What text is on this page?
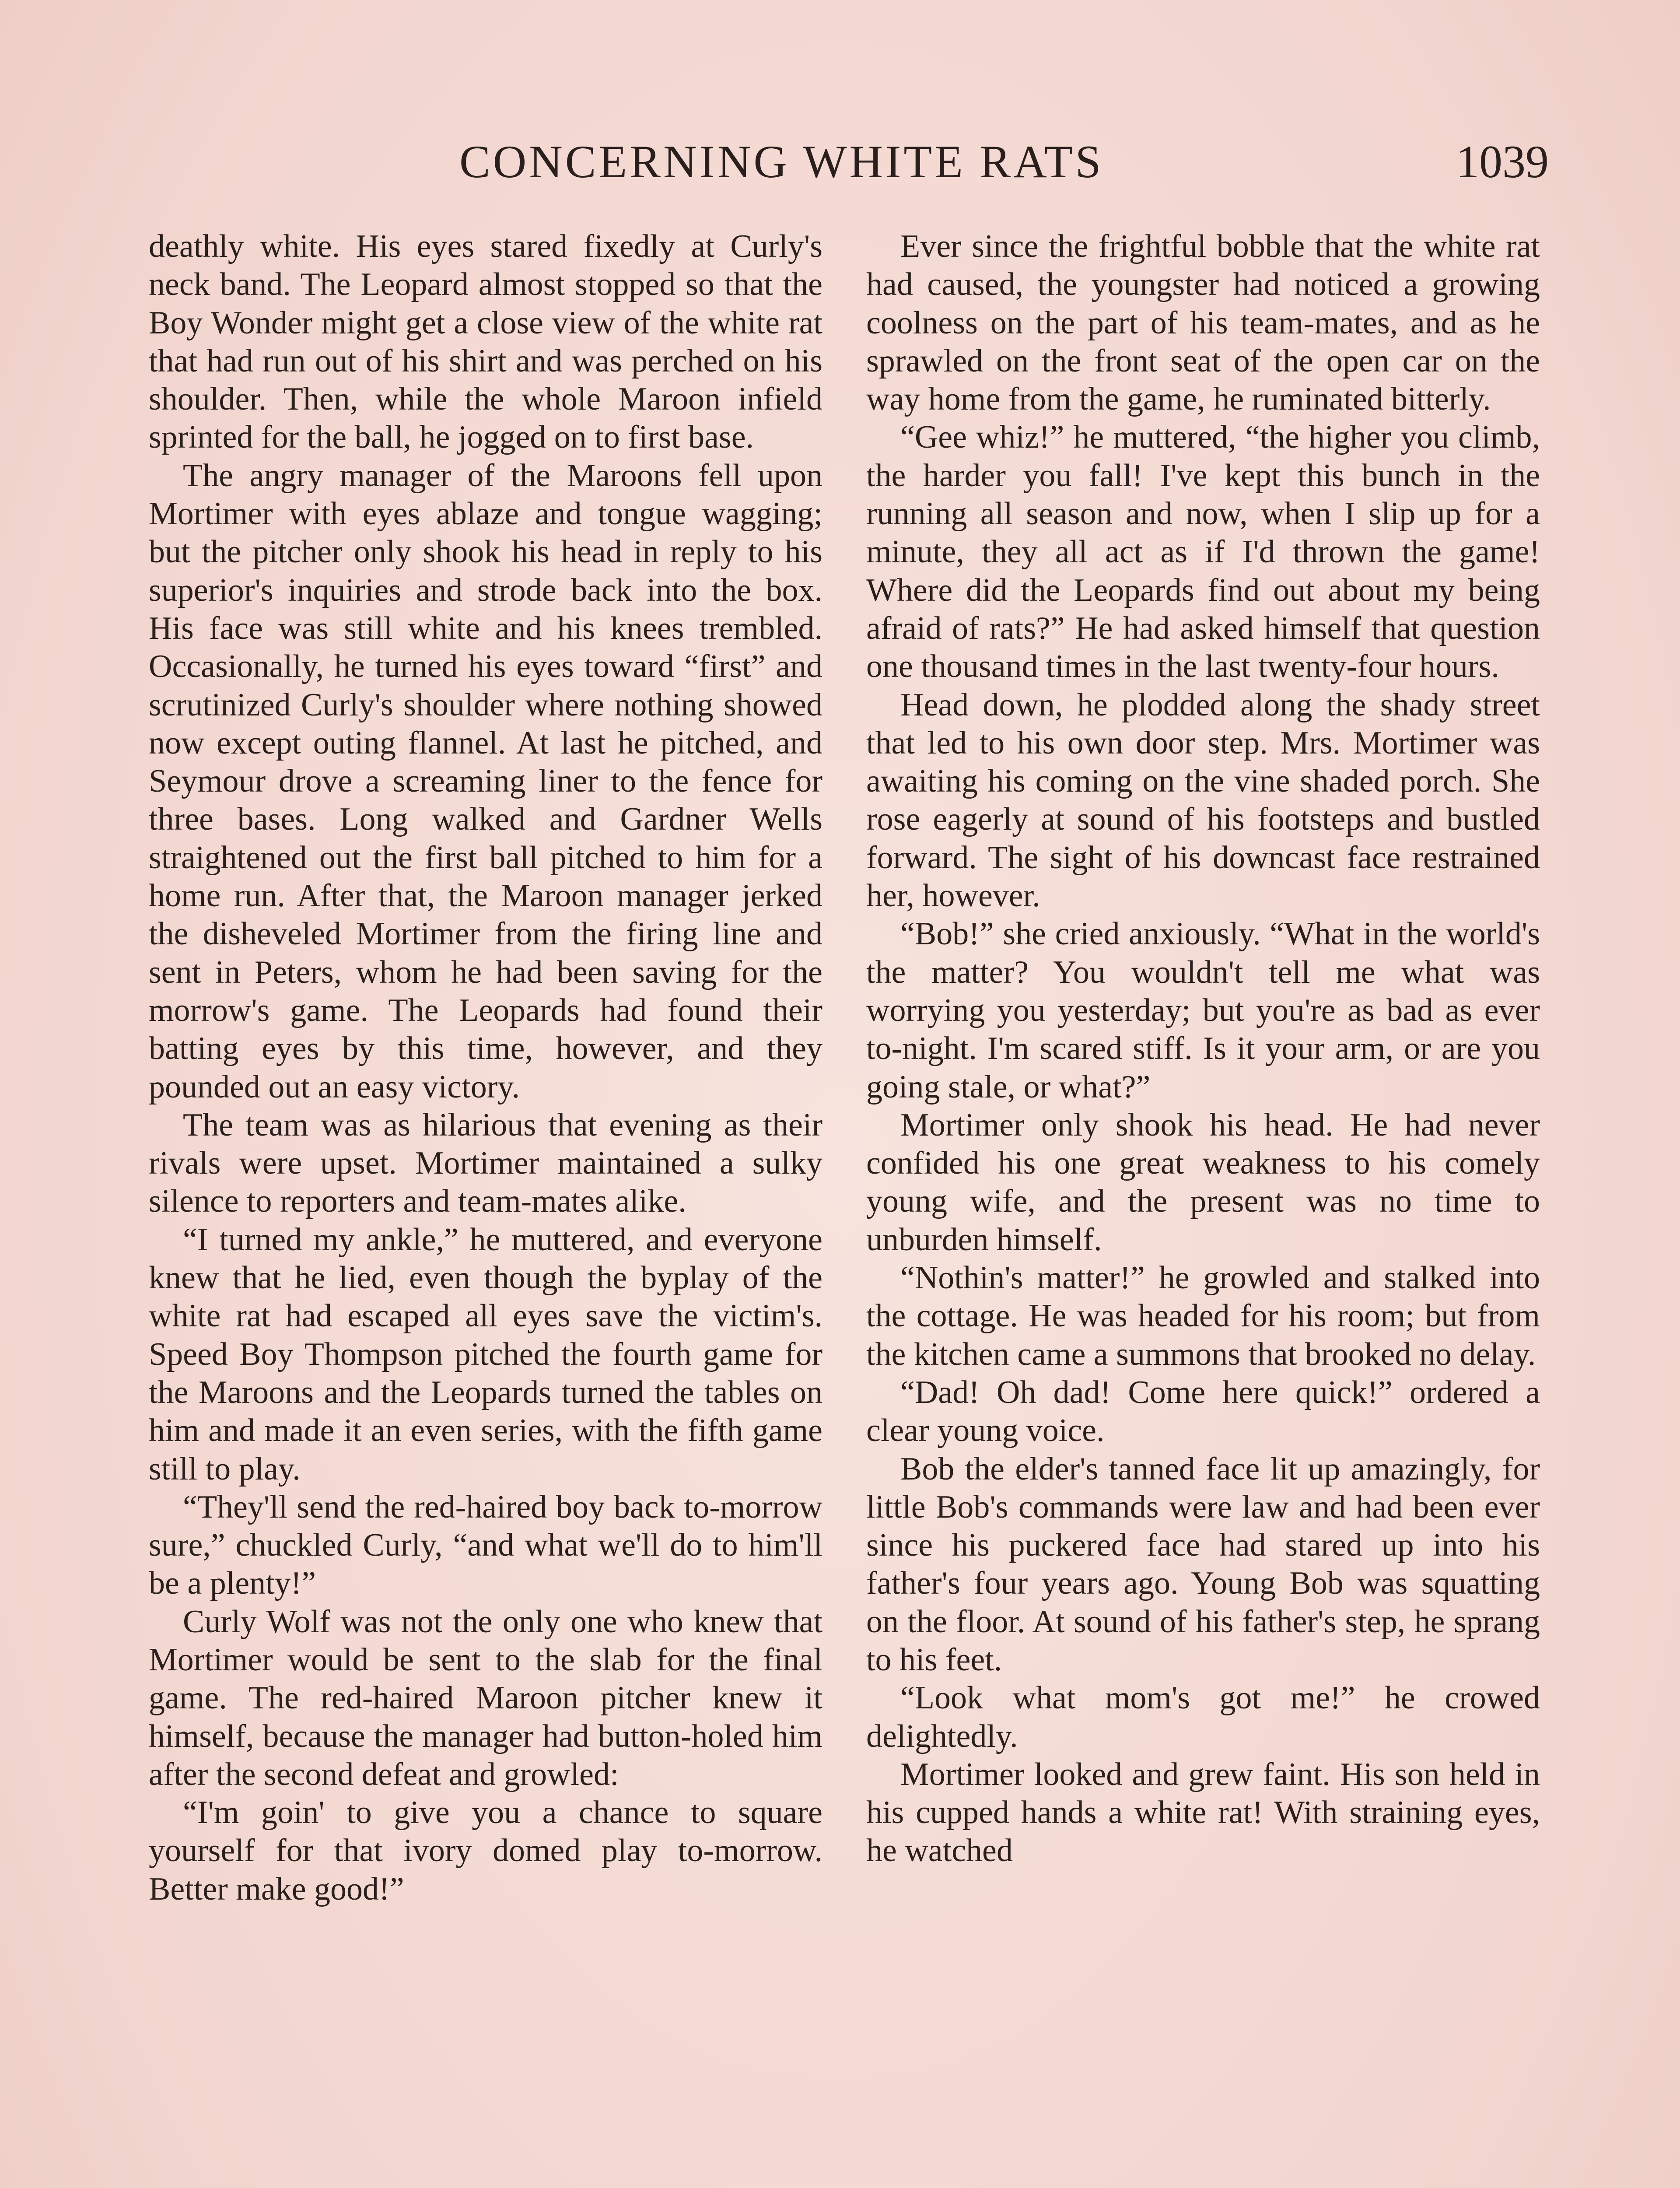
CONCERNING WHITE RATS	1039

deathly white. His eyes stared fixedly at Curly's neck band. The Leopard almost stopped so that the Boy Wonder might get a close view of the white rat that had run out of his shirt and was perched on his shoulder. Then, while the whole Maroon infield sprinted for the ball, he jogged on to first base.

The angry manager of the Maroons fell upon Mortimer with eyes ablaze and tongue wagging; but the pitcher only shook his head in reply to his superior's inquiries and strode back into the box. His face was still white and his knees trembled. Occasionally, he turned his eyes toward “first” and scrutinized Curly's shoulder where nothing showed now except outing flannel. At last he pitched, and Seymour drove a screaming liner to the fence for three bases. Long walked and Gardner Wells straightened out the first ball pitched to him for a home run. After that, the Maroon manager jerked the disheveled Mortimer from the firing line and sent in Peters, whom he had been saving for the morrow's game. The Leopards had found their batting eyes by this time, however, and they pounded out an easy victory.

The team was as hilarious that evening as their rivals were upset. Mortimer maintained a sulky silence to reporters and team-mates alike.

“I turned my ankle,” he muttered, and everyone knew that he lied, even though the byplay of the white rat had escaped all eyes save the victim's. Speed Boy Thompson pitched the fourth game for the Maroons and the Leopards turned the tables on him and made it an even series, with the fifth game still to play.

“They'll send the red-haired boy back to-morrow sure,” chuckled Curly, “and what we'll do to him'll be a plenty!”

Curly Wolf was not the only one who knew that Mortimer would be sent to the slab for the final game. The red-haired Maroon pitcher knew it himself, because the manager had button-holed him after the second defeat and growled:

“I'm goin' to give you a chance to square yourself for that ivory domed play to-morrow. Better make good!”

Ever since the frightful bobble that the white rat had caused, the youngster had noticed a growing coolness on the part of his team-mates, and as he sprawled on the front seat of the open car on the way home from the game, he ruminated bitterly.

“Gee whiz!” he muttered, “the higher you climb, the harder you fall! I've kept this bunch in the running all season and now, when I slip up for a minute, they all act as if I'd thrown the game! Where did the Leopards find out about my being afraid of rats?” He had asked himself that question one thousand times in the last twenty-four hours.

Head down, he plodded along the shady street that led to his own door step. Mrs. Mortimer was awaiting his coming on the vine shaded porch. She rose eagerly at sound of his footsteps and bustled forward. The sight of his downcast face restrained her, however.

“Bob!” she cried anxiously. “What in the world's the matter? You wouldn't tell me what was worrying you yesterday; but you're as bad as ever to-night. I'm scared stiff. Is it your arm, or are you going stale, or what?”

Mortimer only shook his head. He had never confided his one great weakness to his comely young wife, and the present was no time to unburden himself.

“Nothin's matter!” he growled and stalked into the cottage. He was headed for his room; but from the kitchen came a summons that brooked no delay.

“Dad! Oh dad! Come here quick!” ordered a clear young voice.

Bob the elder's tanned face lit up amazingly, for little Bob's commands were law and had been ever since his puckered face had stared up into his father's four years ago. Young Bob was squatting on the floor. At sound of his father's step, he sprang to his feet.

“Look what mom's got me!” he crowed delightedly.

Mortimer looked and grew faint. His son held in his cupped hands a white rat! With straining eyes, he watched
